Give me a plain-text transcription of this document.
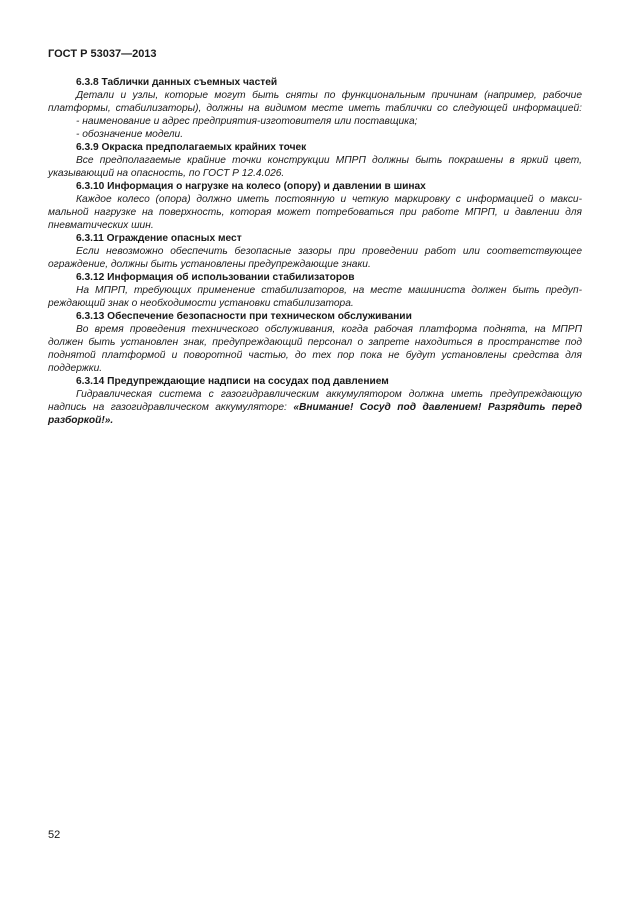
ГОСТ Р 53037—2013
6.3.8 Таблички данных съемных частей
Детали и узлы, которые могут быть сняты по функциональным причинам (например, рабочие
платформы, стабилизаторы), должны на видимом месте иметь таблички со следующей информацией:
- наименование и адрес предприятия-изготовителя или поставщика;
- обозначение модели.
6.3.9 Окраска предполагаемых крайних точек
Все предполагаемые крайние точки конструкции МПРП должны быть покрашены в яркий цвет,
указывающий на опасность, по ГОСТ Р 12.4.026.
6.3.10 Информация о нагрузке на колесо (опору) и давлении в шинах
Каждое колесо (опора) должно иметь постоянную и четкую маркировку с информацией о макси-
мальной нагрузке на поверхность, которая может потребоваться при работе МПРП, и давлении для
пневматических шин.
6.3.11 Ограждение опасных мест
Если невозможно обеспечить безопасные зазоры при проведении работ или соответствующее
ограждение, должны быть установлены предупреждающие знаки.
6.3.12 Информация об использовании стабилизаторов
На МПРП, требующих применение стабилизаторов, на месте машиниста должен быть предуп-
реждающий знак о необходимости установки стабилизатора.
6.3.13 Обеспечение безопасности при техническом обслуживании
Во время проведения технического обслуживания, когда рабочая платформа поднята, на МПРП
должен быть установлен знак, предупреждающий персонал о запрете находиться в пространстве под
поднятой платформой и поворотной частью, до тех пор пока не будут установлены средства для
поддержки.
6.3.14 Предупреждающие надписи на сосудах под давлением
Гидравлическая система с газогидравлическим аккумулятором должна иметь предупреждающую
надпись на газогидравлическом аккумуляторе: «Внимание! Сосуд под давлением! Разрядить перед
разборкой!».
52
